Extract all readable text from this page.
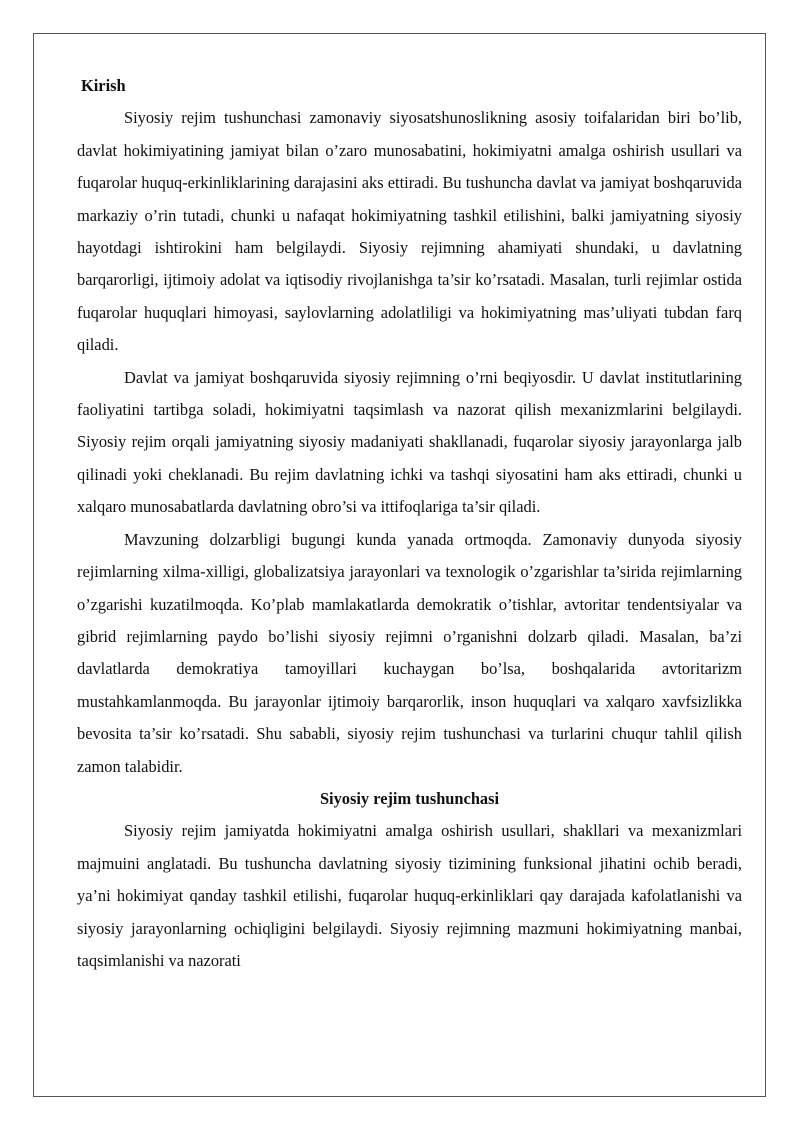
Kirish

Siyosiy rejim tushunchasi zamonaviy siyosatshunoslikning asosiy toifalaridan biri bo’lib, davlat hokimiyatining jamiyat bilan o’zaro munosabatini, hokimiyatni amalga oshirish usullari va fuqarolar huquq-erkinliklarining darajasini aks ettiradi. Bu tushuncha davlat va jamiyat boshqaruvida markaziy o’rin tutadi, chunki u nafaqat hokimiyatning tashkil etilishini, balki jamiyatning siyosiy hayotdagi ishtirokini ham belgilaydi. Siyosiy rejimning ahamiyati shundaki, u davlatning barqarorligi, ijtimoiy adolat va iqtisodiy rivojlanishga ta’sir ko’rsatadi. Masalan, turli rejimlar ostida fuqarolar huquqlari himoyasi, saylovlarning adolatliligi va hokimiyatning mas’uliyati tubdan farq qiladi.

Davlat va jamiyat boshqaruvida siyosiy rejimning o’rni beqiyosdir. U davlat institutlarining faoliyatini tartibga soladi, hokimiyatni taqsimlash va nazorat qilish mexanizmlarini belgilaydi. Siyosiy rejim orqali jamiyatning siyosiy madaniyati shakllanadi, fuqarolar siyosiy jarayonlarga jalb qilinadi yoki cheklanadi. Bu rejim davlatning ichki va tashqi siyosatini ham aks ettiradi, chunki u xalqaro munosabatlarda davlatning obro’si va ittifoqlariga ta’sir qiladi.

Mavzuning dolzarbligi bugungi kunda yanada ortmoqda. Zamonaviy dunyoda siyosiy rejimlarning xilma-xilligi, globalizatsiya jarayonlari va texnologik o’zgarishlar ta’sirida rejimlarning o’zgarishi kuzatilmoqda. Ko’plab mamlakatlarda demokratik o’tishlar, avtoritar tendentsiyalar va gibrid rejimlarning paydo bo’lishi siyosiy rejimni o’rganishni dolzarb qiladi. Masalan, ba’zi davlatlarda demokratiya tamoyillari kuchaygan bo’lsa, boshqalarida avtoritarizm mustahkamlanmoqda. Bu jarayonlar ijtimoiy barqarorlik, inson huquqlari va xalqaro xavfsizlikka bevosita ta’sir ko’rsatadi. Shu sababli, siyosiy rejim tushunchasi va turlarini chuqur tahlil qilish zamon talabidir.

Siyosiy rejim tushunchasi

Siyosiy rejim jamiyatda hokimiyatni amalga oshirish usullari, shakllari va mexanizmlari majmuini anglatadi. Bu tushuncha davlatning siyosiy tizimining funksional jihatini ochib beradi, ya’ni hokimiyat qanday tashkil etilishi, fuqarolar huquq-erkinliklari qay darajada kafolatlanishi va siyosiy jarayonlarning ochiqligini belgilaydi. Siyosiy rejimning mazmuni hokimiyatning manbai, taqsimlanishi va nazorati
